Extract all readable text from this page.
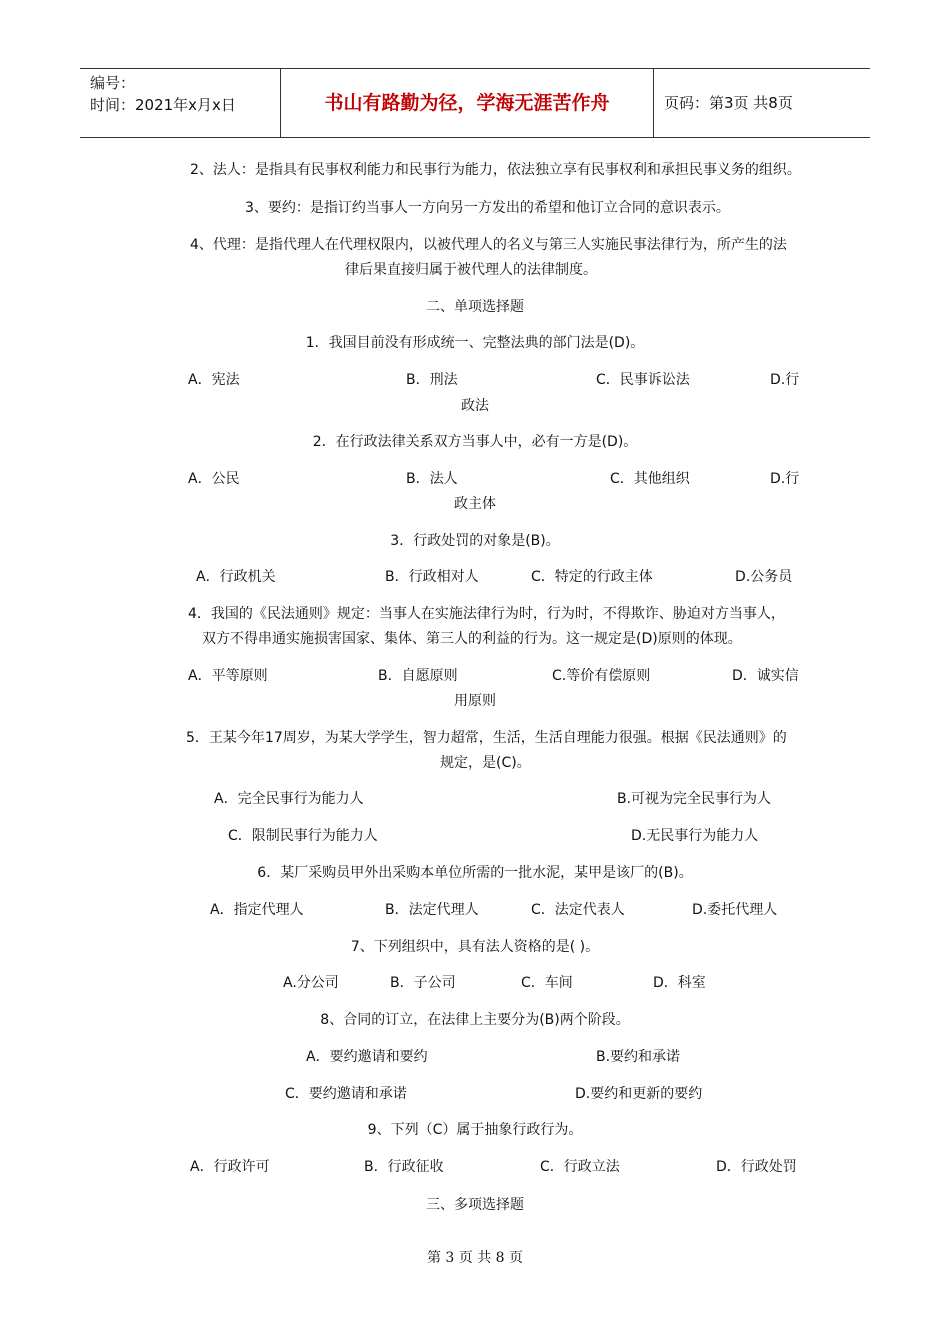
编号：
时间：2021年x月x日	书山有路勤为径，学海无涯苦作舟	页码：第3页 共8页
2、法人：是指具有民事权利能力和民事行为能力，依法独立享有民事权利和承担民事义务的组织。
3、要约：是指订约当事人一方向另一方发出的希望和他订立合同的意识表示。
4、代理：是指代理人在代理权限内，以被代理人的名义与第三人实施民事法律行为，所产生的法
律后果直接归属于被代理人的法律制度。
二、单项选择题
1．我国目前没有形成统一、完整法典的部门法是(D)。
A．宪法	B．刑法	C．民事诉讼法	D.行
政法
2．在行政法律关系双方当事人中，必有一方是(D)。
A．公民	B．法人	C．其他组织	D.行
政主体
3．行政处罚的对象是(B)。
A．行政机关	B．行政相对人	C．特定的行政主体	D.公务员
4．我国的《民法通则》规定：当事人在实施法律行为时，行为时，不得欺诈、胁迫对方当事人，
双方不得串通实施损害国家、集体、第三人的利益的行为。这一规定是(D)原则的体现。
A．平等原则	B．自愿原则	C.等价有偿原则	D．诚实信
用原则
5．王某今年17周岁，为某大学学生，智力超常，生活，生活自理能力很强。根据《民法通则》的
规定，是(C)。
A．完全民事行为能力人	B.可视为完全民事行为人
C．限制民事行为能力人	D.无民事行为能力人
6．某厂采购员甲外出采购本单位所需的一批水泥，某甲是该厂的(B)。
A．指定代理人	B．法定代理人	C．法定代表人	D.委托代理人
7、下列组织中，具有法人资格的是( )。
A.分公司	B．子公司	C．车间	D．科室
8、合同的订立，在法律上主要分为(B)两个阶段。
A．要约邀请和要约	B.要约和承诺
C．要约邀请和承诺	D.要约和更新的要约
9、下列（C）属于抽象行政行为。
A．行政许可	B．行政征收	C．行政立法	D．行政处罚
三、多项选择题
第 3 页 共 8 页
